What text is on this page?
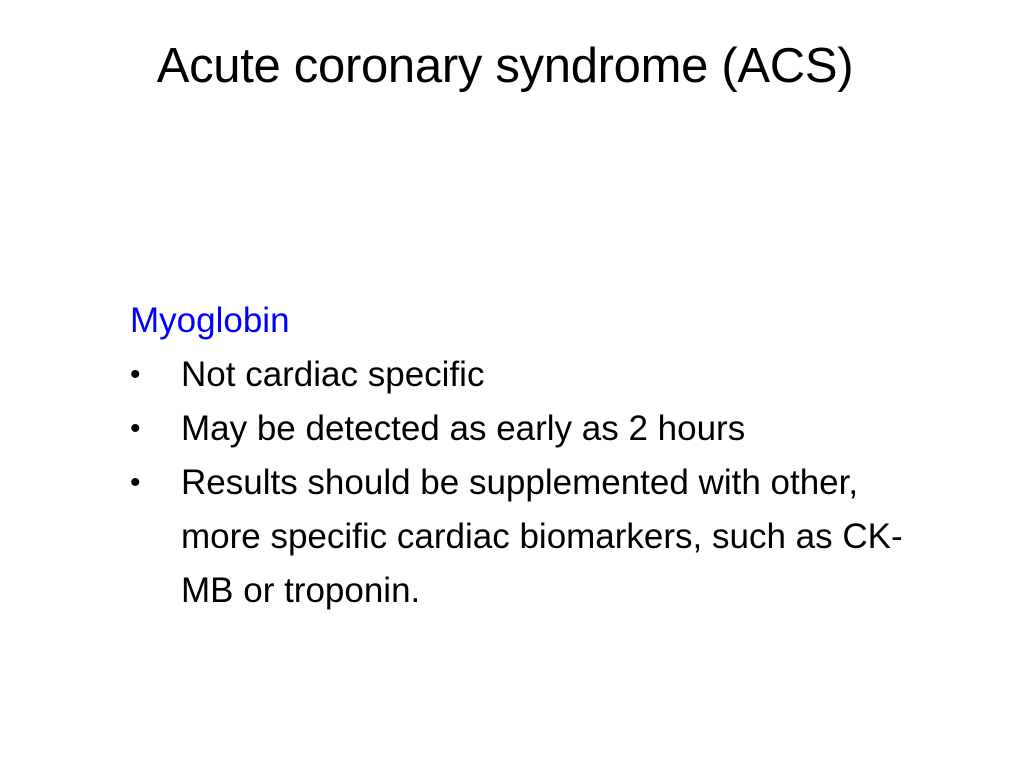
Acute coronary syndrome (ACS)

Myoglobin

• Not cardiac specific
• May be detected as early as 2 hours
• Results should be supplemented with other, more specific cardiac biomarkers, such as CK-MB or troponin.
